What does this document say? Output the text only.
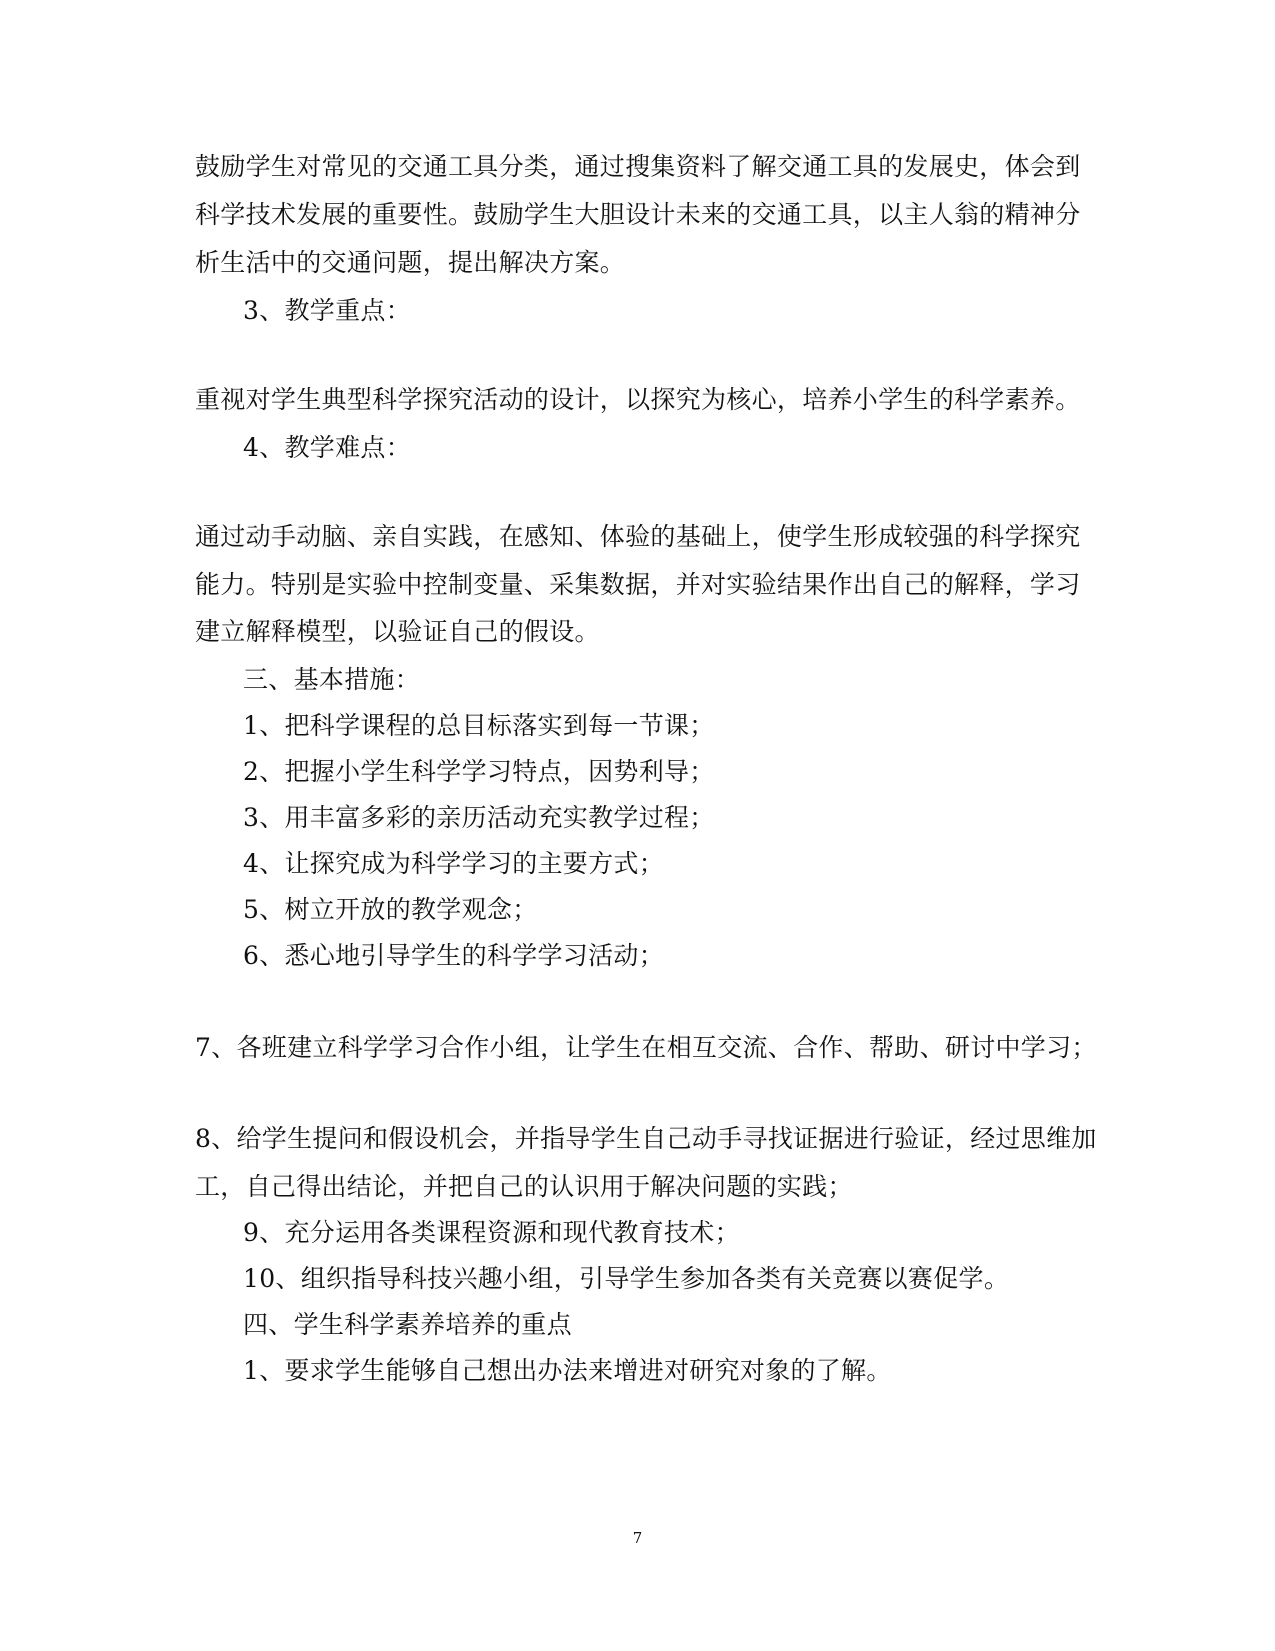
鼓励学生对常见的交通工具分类，通过搜集资料了解交通工具的发展史，体会到
科学技术发展的重要性。鼓励学生大胆设计未来的交通工具，以主人翁的精神分
析生活中的交通问题，提出解决方案。
3、教学重点：
重视对学生典型科学探究活动的设计，以探究为核心，培养小学生的科学素养。
4、教学难点：
通过动手动脑、亲自实践，在感知、体验的基础上，使学生形成较强的科学探究
能力。特别是实验中控制变量、采集数据，并对实验结果作出自己的解释，学习
建立解释模型，以验证自己的假设。
三、基本措施：
1、把科学课程的总目标落实到每一节课；
2、把握小学生科学学习特点，因势利导；
3、用丰富多彩的亲历活动充实教学过程；
4、让探究成为科学学习的主要方式；
5、树立开放的教学观念；
6、悉心地引导学生的科学学习活动；
7、各班建立科学学习合作小组，让学生在相互交流、合作、帮助、研讨中学习；
8、给学生提问和假设机会，并指导学生自己动手寻找证据进行验证，经过思维加
工，自己得出结论，并把自己的认识用于解决问题的实践；
9、充分运用各类课程资源和现代教育技术；
10、组织指导科技兴趣小组，引导学生参加各类有关竞赛以赛促学。
四、学生科学素养培养的重点
1、要求学生能够自己想出办法来增进对研究对象的了解。
7
